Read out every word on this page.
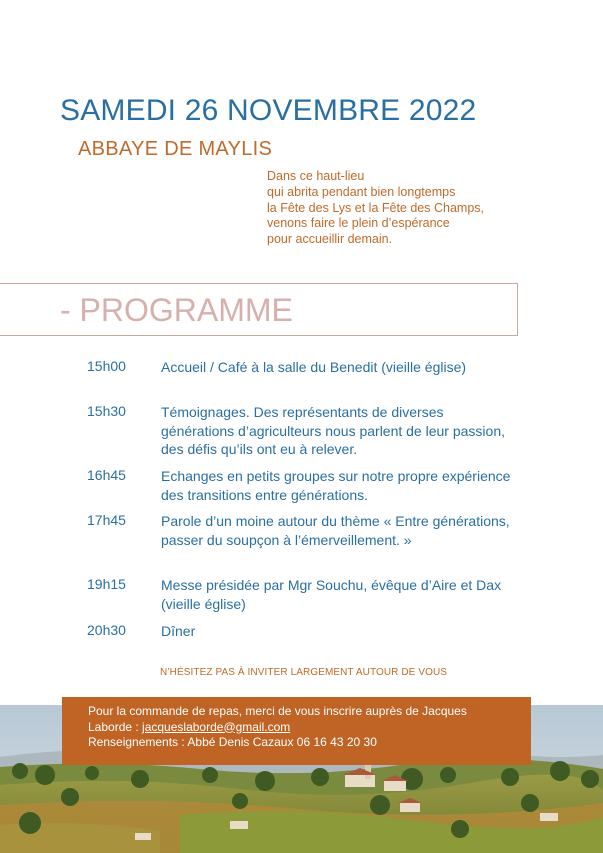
SAMEDI 26 NOVEMBRE 2022
ABBAYE DE MAYLIS
Dans ce haut-lieu
qui abrita pendant bien longtemps
la Fête des Lys et la Fête des Champs,
venons faire le plein d’espérance
pour accueillir demain.
- PROGRAMME
15h00	Accueil / Café à la salle du Benedit (vieille église)
15h30	Témoignages. Des représentants de diverses générations d’agriculteurs nous parlent de leur passion, des défis qu’ils ont eu à relever.
16h45	Echanges en petits groupes sur notre propre expérience des transitions entre générations.
17h45	Parole d’un moine autour du thème « Entre générations, passer du soupçon à l’émerveillement. »
19h15	Messe présidée par Mgr Souchu, évêque d’Aire et Dax (vieille église)
20h30	Dîner
N’HÉSITEZ PAS À INVITER LARGEMENT AUTOUR DE VOUS
Pour la commande de repas, merci de vous inscrire auprès de Jacques
Laborde : jacqueslaborde@gmail.com
Renseignements : Abbé Denis Cazaux 06 16 43 20 30
